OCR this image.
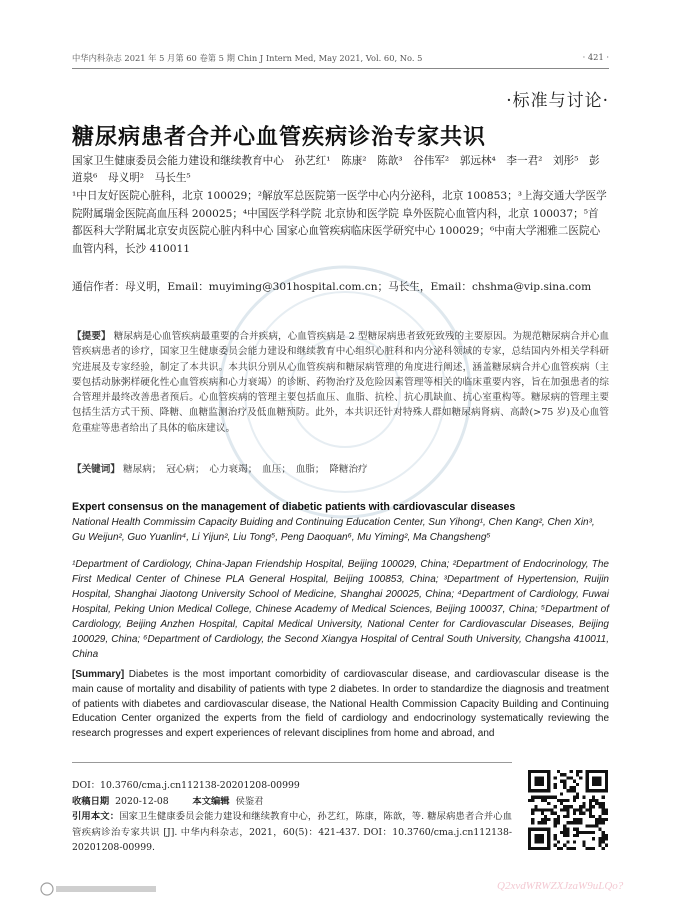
中华内科杂志 2021 年 5 月第 60 卷第 5 期 Chin J Intern Med, May 2021, Vol. 60, No. 5	· 421 ·
·标准与讨论·
糖尿病患者合并心血管疾病诊治专家共识
国家卫生健康委员会能力建设和继续教育中心　孙艺红¹　陈康²　陈歆³　谷伟军²　郭远林⁴　李一君²　刘彤⁵　彭道泉⁶　母义明²　马长生⁵
¹中日友好医院心脏科，北京 100029；²解放军总医院第一医学中心内分泌科，北京 100853；³上海交通大学医学院附属瑞金医院高血压科 200025；⁴中国医学科学院 北京协和医学院 阜外医院心血管内科，北京 100037；⁵首都医科大学附属北京安贞医院心脏内科中心 国家心血管疾病临床医学研究中心 100029；⁶中南大学湘雅二医院心血管内科，长沙 410011
通信作者：母义明，Email：muyiming@301hospital.com.cn；马长生，Email：chshma@vip.sina.com
【提要】 糖尿病是心血管疾病最重要的合并疾病，心血管疾病是 2 型糖尿病患者致死致残的主要原因。为规范糖尿病合并心血管疾病患者的诊疗，国家卫生健康委员会能力建设和继续教育中心组织心脏科和内分泌科领域的专家，总结国内外相关学科研究进展及专家经验，制定了本共识。本共识分别从心血管疾病和糖尿病管理的角度进行阐述，涵盖糖尿病合并心血管疾病（主要包括动脉粥样硬化性心血管疾病和心力衰竭）的诊断、药物治疗及危险因素管理等相关的临床重要内容，旨在加强患者的综合管理并最终改善患者预后。心血管疾病的管理主要包括血压、血脂、抗栓、抗心肌缺血、抗心室重构等。糖尿病的管理主要包括生活方式干预、降糖、血糖监测治疗及低血糖预防。此外，本共识还针对特殊人群如糖尿病肾病、高龄(>75 岁)及心血管危重症等患者给出了具体的临床建议。
【关键词】 糖尿病；　冠心病；　心力衰竭；　血压；　血脂；　降糖治疗
Expert consensus on the management of diabetic patients with cardiovascular diseases
National Health Commissim Capacity Buiding and Continuing Education Center, Sun Yihong¹, Chen Kang², Chen Xin³, Gu Weijun², Guo Yuanlin⁴, Li Yijun², Liu Tong⁵, Peng Daoquan⁶, Mu Yiming², Ma Changsheng⁵
¹Department of Cardiology, China-Japan Friendship Hospital, Beijing 100029, China; ²Department of Endocrinology, The First Medical Center of Chinese PLA General Hospital, Beijing 100853, China; ³Department of Hypertension, Ruijin Hospital, Shanghai Jiaotong University School of Medicine, Shanghai 200025, China; ⁴Department of Cardiology, Fuwai Hospital, Peking Union Medical College, Chinese Academy of Medical Sciences, Beijing 100037, China; ⁵Department of Cardiology, Beijing Anzhen Hospital, Capital Medical University, National Center for Cardiovascular Diseases, Beijing 100029, China; ⁶Department of Cardiology, the Second Xiangya Hospital of Central South University, Changsha 410011, China
[Summary] Diabetes is the most important comorbidity of cardiovascular disease, and cardiovascular disease is the main cause of mortality and disability of patients with type 2 diabetes. In order to standardize the diagnosis and treatment of patients with diabetes and cardiovascular disease, the National Health Commission Capacity Building and Continuing Education Center organized the experts from the field of cardiology and endocrinology systematically reviewing the research progresses and expert experiences of relevant disciplines from home and abroad, and
DOI：10.3760/cma.j.cn112138-20201208-00999
收稿日期 2020-12-08	本文编辑 侯鉴君
引用本文：国家卫生健康委员会能力建设和继续教育中心，孙艺红，陈康，陈歆，等. 糖尿病患者合并心血管疾病诊治专家共识 [J]. 中华内科杂志，2021，60(5)：421-437. DOI：10.3760/cma.j.cn112138-20201208-00999.
Q2xvdWRWZXJzaW9uLQo?
